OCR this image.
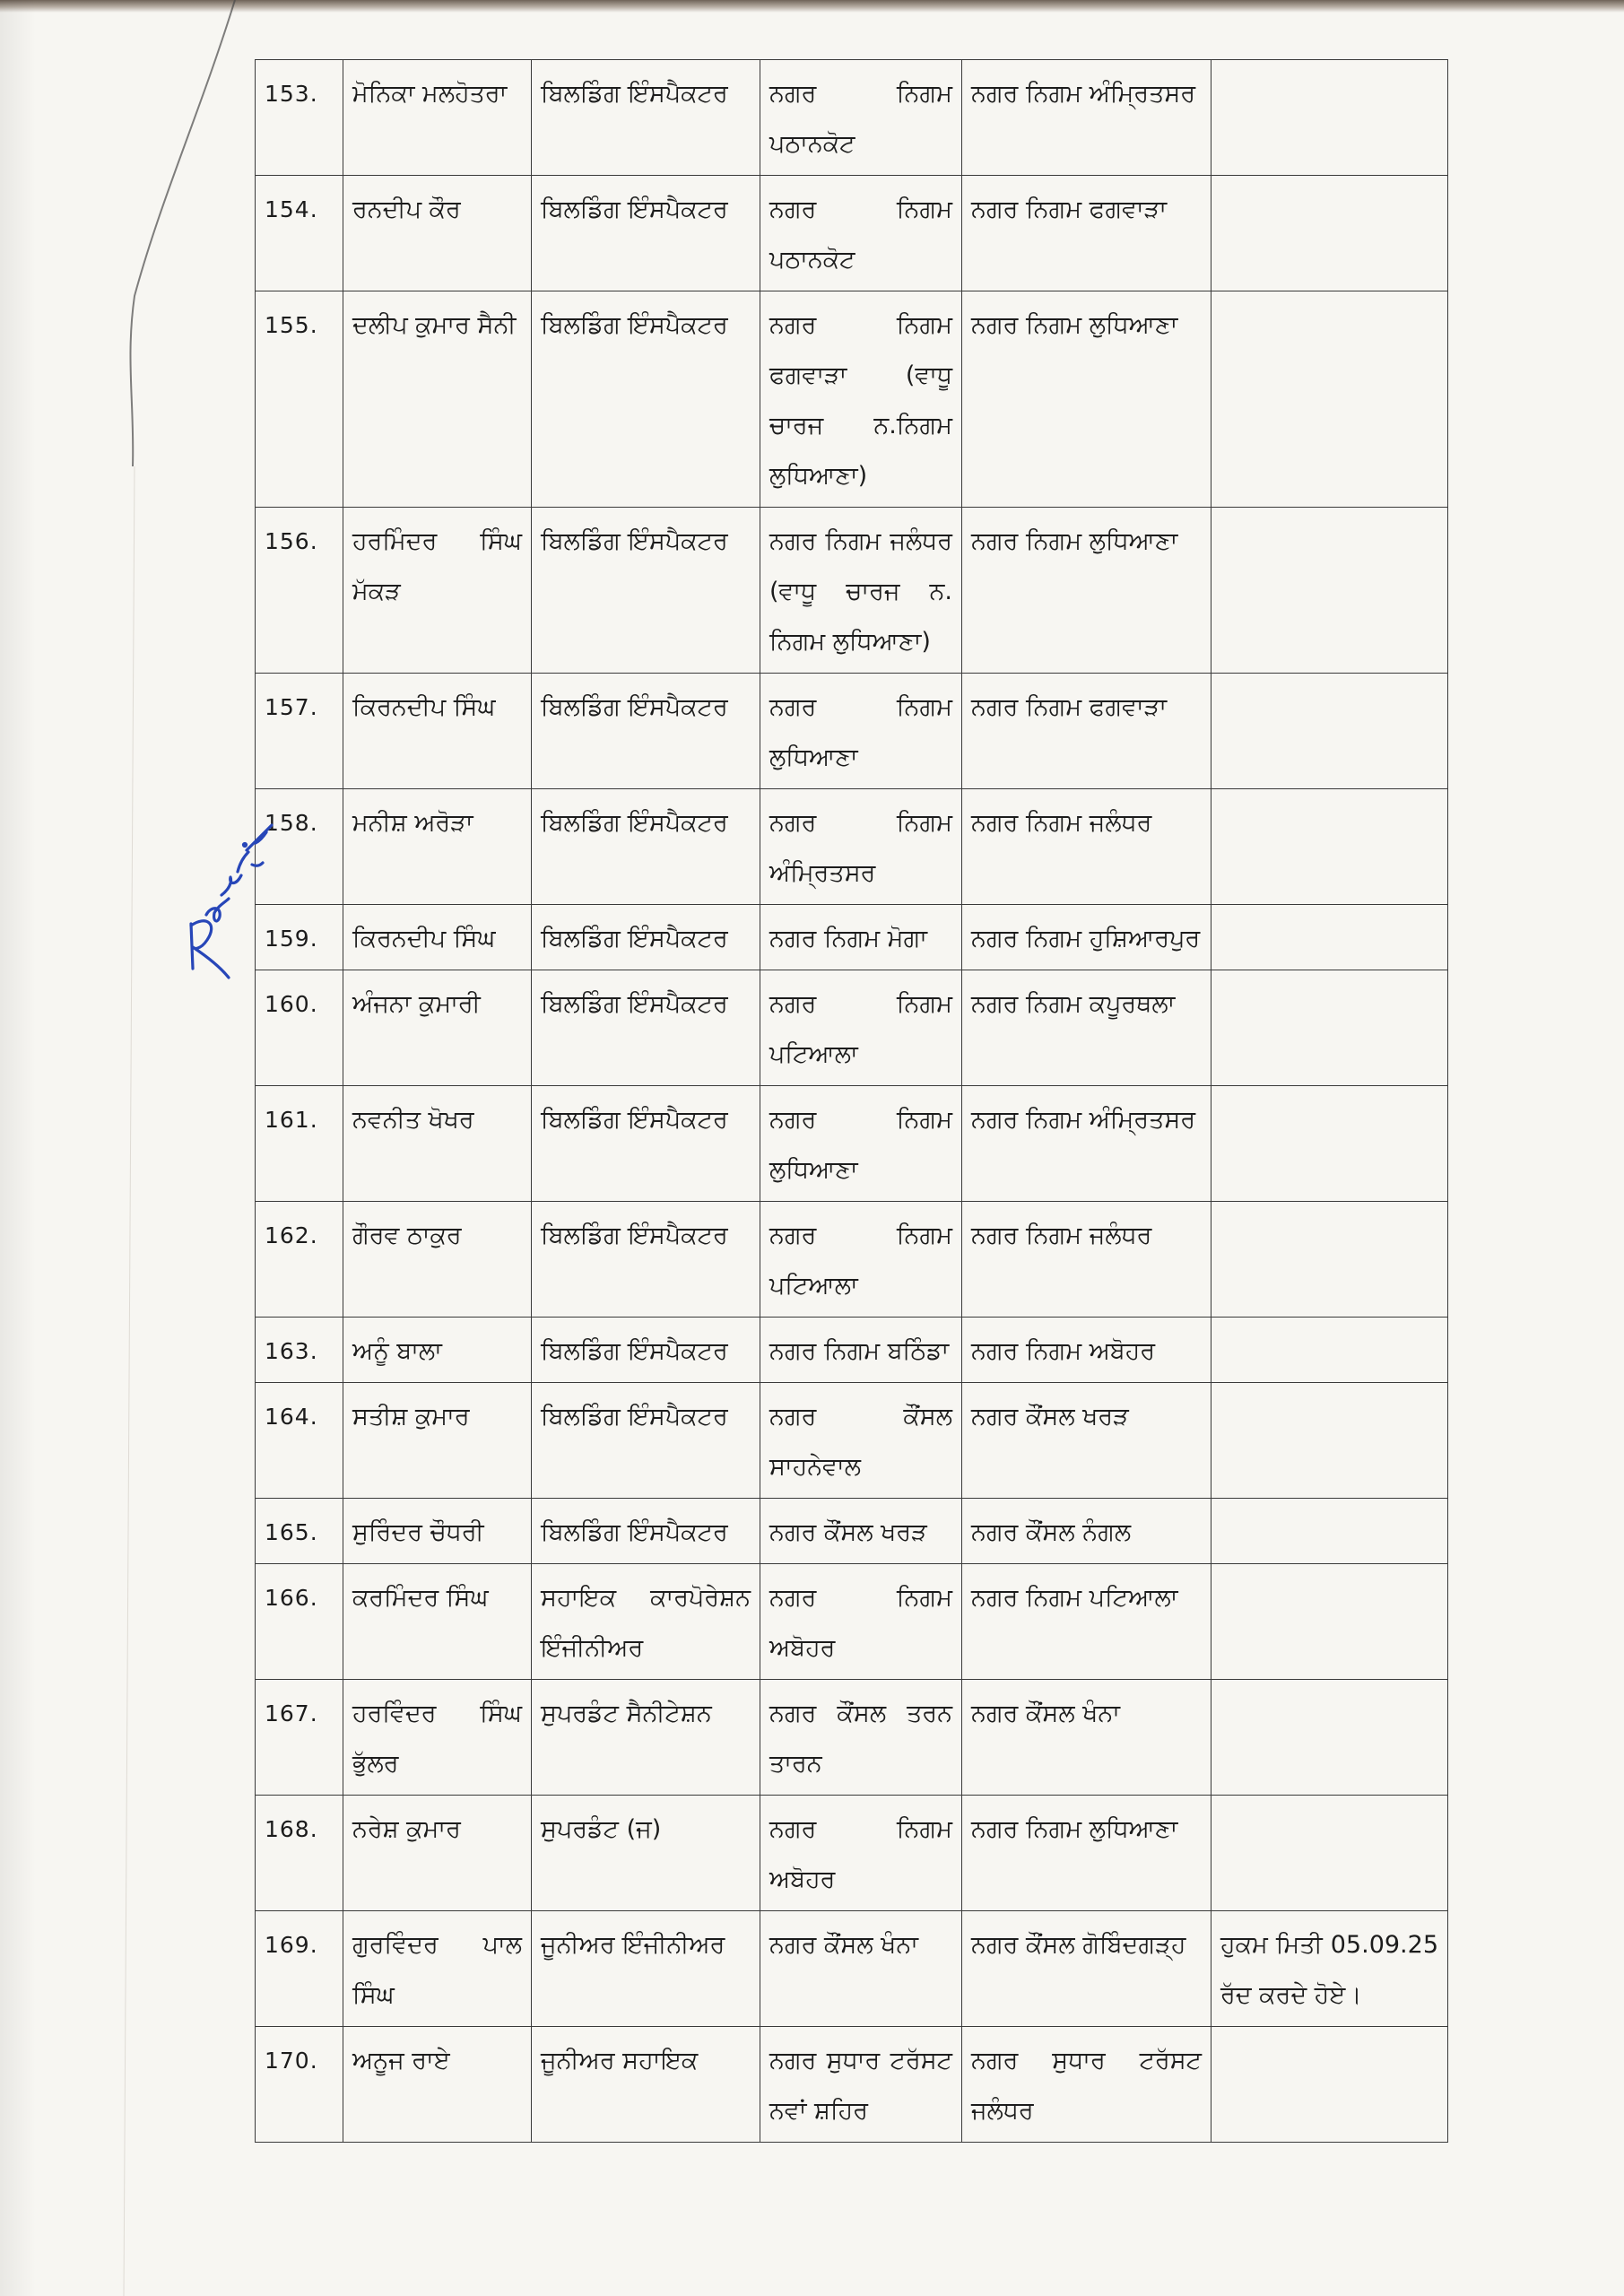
153.	ਮੋਨਿਕਾ ਮਲਹੋਤਰਾ	ਬਿਲਡਿੰਗ ਇੰਸਪੈਕਟਰ	ਨਗਰ ਨਿਗਮ ਪਠਾਨਕੋਟ	ਨਗਰ ਨਿਗਮ ਅੰਮ੍ਰਿਤਸਰ	
154.	ਰਨਦੀਪ ਕੌਰ	ਬਿਲਡਿੰਗ ਇੰਸਪੈਕਟਰ	ਨਗਰ ਨਿਗਮ ਪਠਾਨਕੋਟ	ਨਗਰ ਨਿਗਮ ਫਗਵਾੜਾ	
155.	ਦਲੀਪ ਕੁਮਾਰ ਸੈਨੀ	ਬਿਲਡਿੰਗ ਇੰਸਪੈਕਟਰ	ਨਗਰ ਨਿਗਮ ਫਗਵਾੜਾ (ਵਾਧੂ ਚਾਰਜ ਨ.ਨਿਗਮ ਲੁਧਿਆਣਾ)	ਨਗਰ ਨਿਗਮ ਲੁਧਿਆਣਾ	
156.	ਹਰਮਿੰਦਰ ਸਿੰਘ ਮੱਕੜ	ਬਿਲਡਿੰਗ ਇੰਸਪੈਕਟਰ	ਨਗਰ ਨਿਗਮ ਜਲੰਧਰ (ਵਾਧੂ ਚਾਰਜ ਨ. ਨਿਗਮ ਲੁਧਿਆਣਾ)	ਨਗਰ ਨਿਗਮ ਲੁਧਿਆਣਾ	
157.	ਕਿਰਨਦੀਪ ਸਿੰਘ	ਬਿਲਡਿੰਗ ਇੰਸਪੈਕਟਰ	ਨਗਰ ਨਿਗਮ ਲੁਧਿਆਣਾ	ਨਗਰ ਨਿਗਮ ਫਗਵਾੜਾ	
158.	ਮਨੀਸ਼ ਅਰੋੜਾ	ਬਿਲਡਿੰਗ ਇੰਸਪੈਕਟਰ	ਨਗਰ ਨਿਗਮ ਅੰਮ੍ਰਿਤਸਰ	ਨਗਰ ਨਿਗਮ ਜਲੰਧਰ	
159.	ਕਿਰਨਦੀਪ ਸਿੰਘ	ਬਿਲਡਿੰਗ ਇੰਸਪੈਕਟਰ	ਨਗਰ ਨਿਗਮ ਮੋਗਾ	ਨਗਰ ਨਿਗਮ ਹੁਸ਼ਿਆਰਪੁਰ	
160.	ਅੰਜਨਾ ਕੁਮਾਰੀ	ਬਿਲਡਿੰਗ ਇੰਸਪੈਕਟਰ	ਨਗਰ ਨਿਗਮ ਪਟਿਆਲਾ	ਨਗਰ ਨਿਗਮ ਕਪੂਰਥਲਾ	
161.	ਨਵਨੀਤ ਖੋਖਰ	ਬਿਲਡਿੰਗ ਇੰਸਪੈਕਟਰ	ਨਗਰ ਨਿਗਮ ਲੁਧਿਆਣਾ	ਨਗਰ ਨਿਗਮ ਅੰਮ੍ਰਿਤਸਰ	
162.	ਗੌਰਵ ਠਾਕੁਰ	ਬਿਲਡਿੰਗ ਇੰਸਪੈਕਟਰ	ਨਗਰ ਨਿਗਮ ਪਟਿਆਲਾ	ਨਗਰ ਨਿਗਮ ਜਲੰਧਰ	
163.	ਅਨੂੰ ਬਾਲਾ	ਬਿਲਡਿੰਗ ਇੰਸਪੈਕਟਰ	ਨਗਰ ਨਿਗਮ ਬਠਿੰਡਾ	ਨਗਰ ਨਿਗਮ ਅਬੋਹਰ	
164.	ਸਤੀਸ਼ ਕੁਮਾਰ	ਬਿਲਡਿੰਗ ਇੰਸਪੈਕਟਰ	ਨਗਰ ਕੌਂਸਲ ਸਾਹਨੇਵਾਲ	ਨਗਰ ਕੌਂਸਲ ਖਰੜ	
165.	ਸੁਰਿੰਦਰ ਚੌਧਰੀ	ਬਿਲਡਿੰਗ ਇੰਸਪੈਕਟਰ	ਨਗਰ ਕੌਂਸਲ ਖਰੜ	ਨਗਰ ਕੌਂਸਲ ਨੰਗਲ	
166.	ਕਰਮਿੰਦਰ ਸਿੰਘ	ਸਹਾਇਕ ਕਾਰਪੋਰੇਸ਼ਨ ਇੰਜੀਨੀਅਰ	ਨਗਰ ਨਿਗਮ ਅਬੋਹਰ	ਨਗਰ ਨਿਗਮ ਪਟਿਆਲਾ	
167.	ਹਰਵਿੰਦਰ ਸਿੰਘ ਭੁੱਲਰ	ਸੁਪਰਡੰਟ ਸੈਨੀਟੇਸ਼ਨ	ਨਗਰ ਕੌਂਸਲ ਤਰਨ ਤਾਰਨ	ਨਗਰ ਕੌਂਸਲ ਖੰਨਾ	
168.	ਨਰੇਸ਼ ਕੁਮਾਰ	ਸੁਪਰਡੰਟ (ਜ)	ਨਗਰ ਨਿਗਮ ਅਬੋਹਰ	ਨਗਰ ਨਿਗਮ ਲੁਧਿਆਣਾ	
169.	ਗੁਰਵਿੰਦਰ ਪਾਲ ਸਿੰਘ	ਜੂਨੀਅਰ ਇੰਜੀਨੀਅਰ	ਨਗਰ ਕੌਂਸਲ ਖੰਨਾ	ਨਗਰ ਕੌਂਸਲ ਗੋਬਿੰਦਗੜ੍ਹ	ਹੁਕਮ ਮਿਤੀ 05.09.25 ਰੱਦ ਕਰਦੇ ਹੋਏ।
170.	ਅਨੂਜ ਰਾਏ	ਜੂਨੀਅਰ ਸਹਾਇਕ	ਨਗਰ ਸੁਧਾਰ ਟਰੱਸਟ ਨਵਾਂ ਸ਼ਹਿਰ	ਨਗਰ ਸੁਧਾਰ ਟਰੱਸਟ ਜਲੰਧਰ	
